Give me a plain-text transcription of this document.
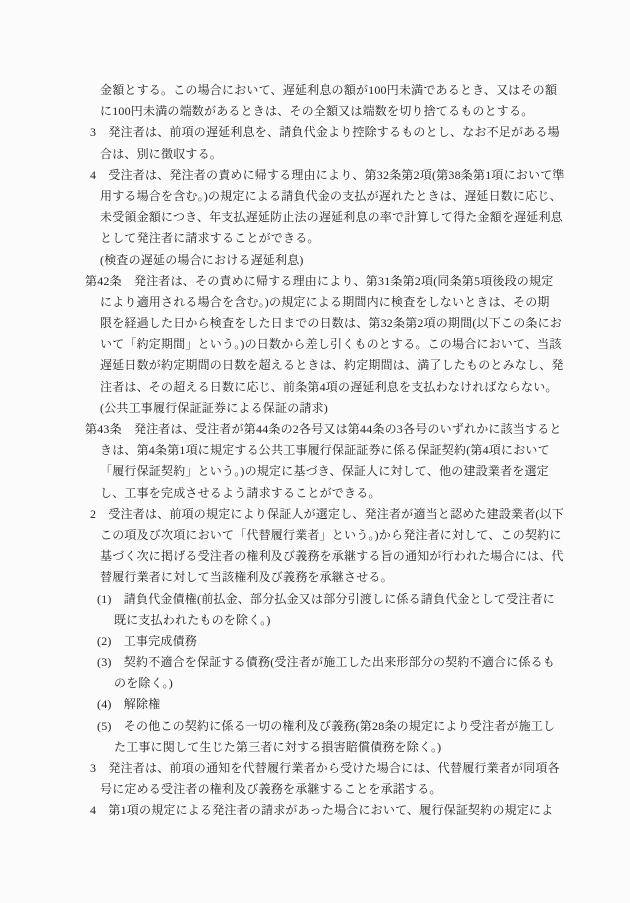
金額とする。この場合において、遅延利息の額が100円未満であるとき、又はその額
に100円未満の端数があるときは、その全額又は端数を切り捨てるものとする。
3　発注者は、前項の遅延利息を、請負代金より控除するものとし、なお不足がある場
合は、別に徴収する。
4　受注者は、発注者の責めに帰する理由により、第32条第2項(第38条第1項において準
用する場合を含む。)の規定による請負代金の支払が遅れたときは、遅延日数に応じ、
未受領金額につき、年支払遅延防止法の遅延利息の率で計算して得た金額を遅延利息
として発注者に請求することができる。
(検査の遅延の場合における遅延利息)
第42条　発注者は、その責めに帰する理由により、第31条第2項(同条第5項後段の規定
により適用される場合を含む。)の規定による期間内に検査をしないときは、その期
限を経過した日から検査をした日までの日数は、第32条第2項の期間(以下この条にお
いて「約定期間」という。)の日数から差し引くものとする。この場合において、当該
遅延日数が約定期間の日数を超えるときは、約定期間は、満了したものとみなし、発
注者は、その超える日数に応じ、前条第4項の遅延利息を支払わなければならない。
(公共工事履行保証証券による保証の請求)
第43条　発注者は、受注者が第44条の2各号又は第44条の3各号のいずれかに該当すると
きは、第4条第1項に規定する公共工事履行保証証券に係る保証契約(第4項において
「履行保証契約」という。)の規定に基づき、保証人に対して、他の建設業者を選定
し、工事を完成させるよう請求することができる。
2　受注者は、前項の規定により保証人が選定し、発注者が適当と認めた建設業者(以下
この項及び次項において「代替履行業者」という。)から発注者に対して、この契約に
基づく次に掲げる受注者の権利及び義務を承継する旨の通知が行われた場合には、代
替履行業者に対して当該権利及び義務を承継させる。
(1)　請負代金債権(前払金、部分払金又は部分引渡しに係る請負代金として受注者に
既に支払われたものを除く。)
(2)　工事完成債務
(3)　契約不適合を保証する債務(受注者が施工した出来形部分の契約不適合に係るも
のを除く。)
(4)　解除権
(5)　その他この契約に係る一切の権利及び義務(第28条の規定により受注者が施工し
た工事に関して生じた第三者に対する損害賠償債務を除く。)
3　発注者は、前項の通知を代替履行業者から受けた場合には、代替履行業者が同項各
号に定める受注者の権利及び義務を承継することを承諾する。
4　第1項の規定による発注者の請求があった場合において、履行保証契約の規定によ
